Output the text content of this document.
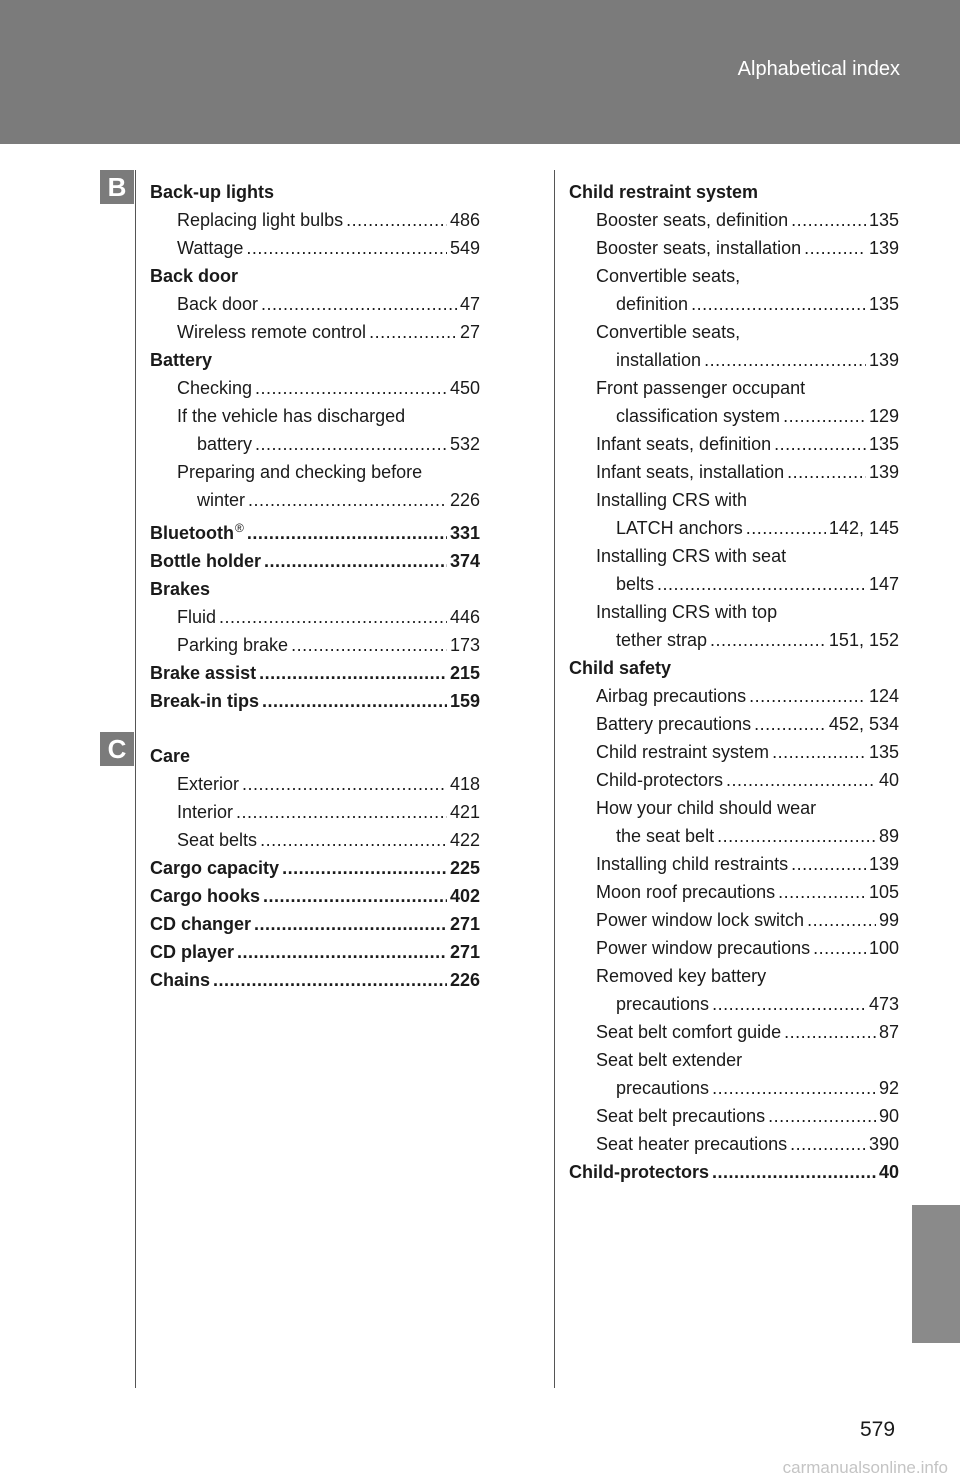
Alphabetical index
B
C
Back-up lights
Replacing light bulbs .....	486
Wattage .....	549
Back door
Back door .....	47
Wireless remote control .....	27
Battery
Checking .....	450
If the vehicle has discharged
battery .....	532
Preparing and checking before
winter .....	226
Bluetooth® .....	331
Bottle holder .....	374
Brakes
Fluid .....	446
Parking brake .....	173
Brake assist .....	215
Break-in tips .....	159
Care
Exterior .....	418
Interior .....	421
Seat belts .....	422
Cargo capacity .....	225
Cargo hooks .....	402
CD changer .....	271
CD player .....	271
Chains .....	226
Child restraint system
Booster seats, definition .....	135
Booster seats, installation .....	139
Convertible seats,
definition .....	135
Convertible seats,
installation .....	139
Front passenger occupant
classification system .....	129
Infant seats, definition .....	135
Infant seats, installation .....	139
Installing CRS with
LATCH anchors .....	142, 145
Installing CRS with seat
belts .....	147
Installing CRS with top
tether strap .....	151, 152
Child safety
Airbag precautions .....	124
Battery precautions .....	452, 534
Child restraint system .....	135
Child-protectors .....	40
How your child should wear
the seat belt .....	89
Installing child restraints .....	139
Moon roof precautions .....	105
Power window lock switch .....	99
Power window precautions .....	100
Removed key battery
precautions .....	473
Seat belt comfort guide .....	87
Seat belt extender
precautions .....	92
Seat belt precautions .....	90
Seat heater precautions .....	390
Child-protectors .....	40
579
carmanualsonline.info
